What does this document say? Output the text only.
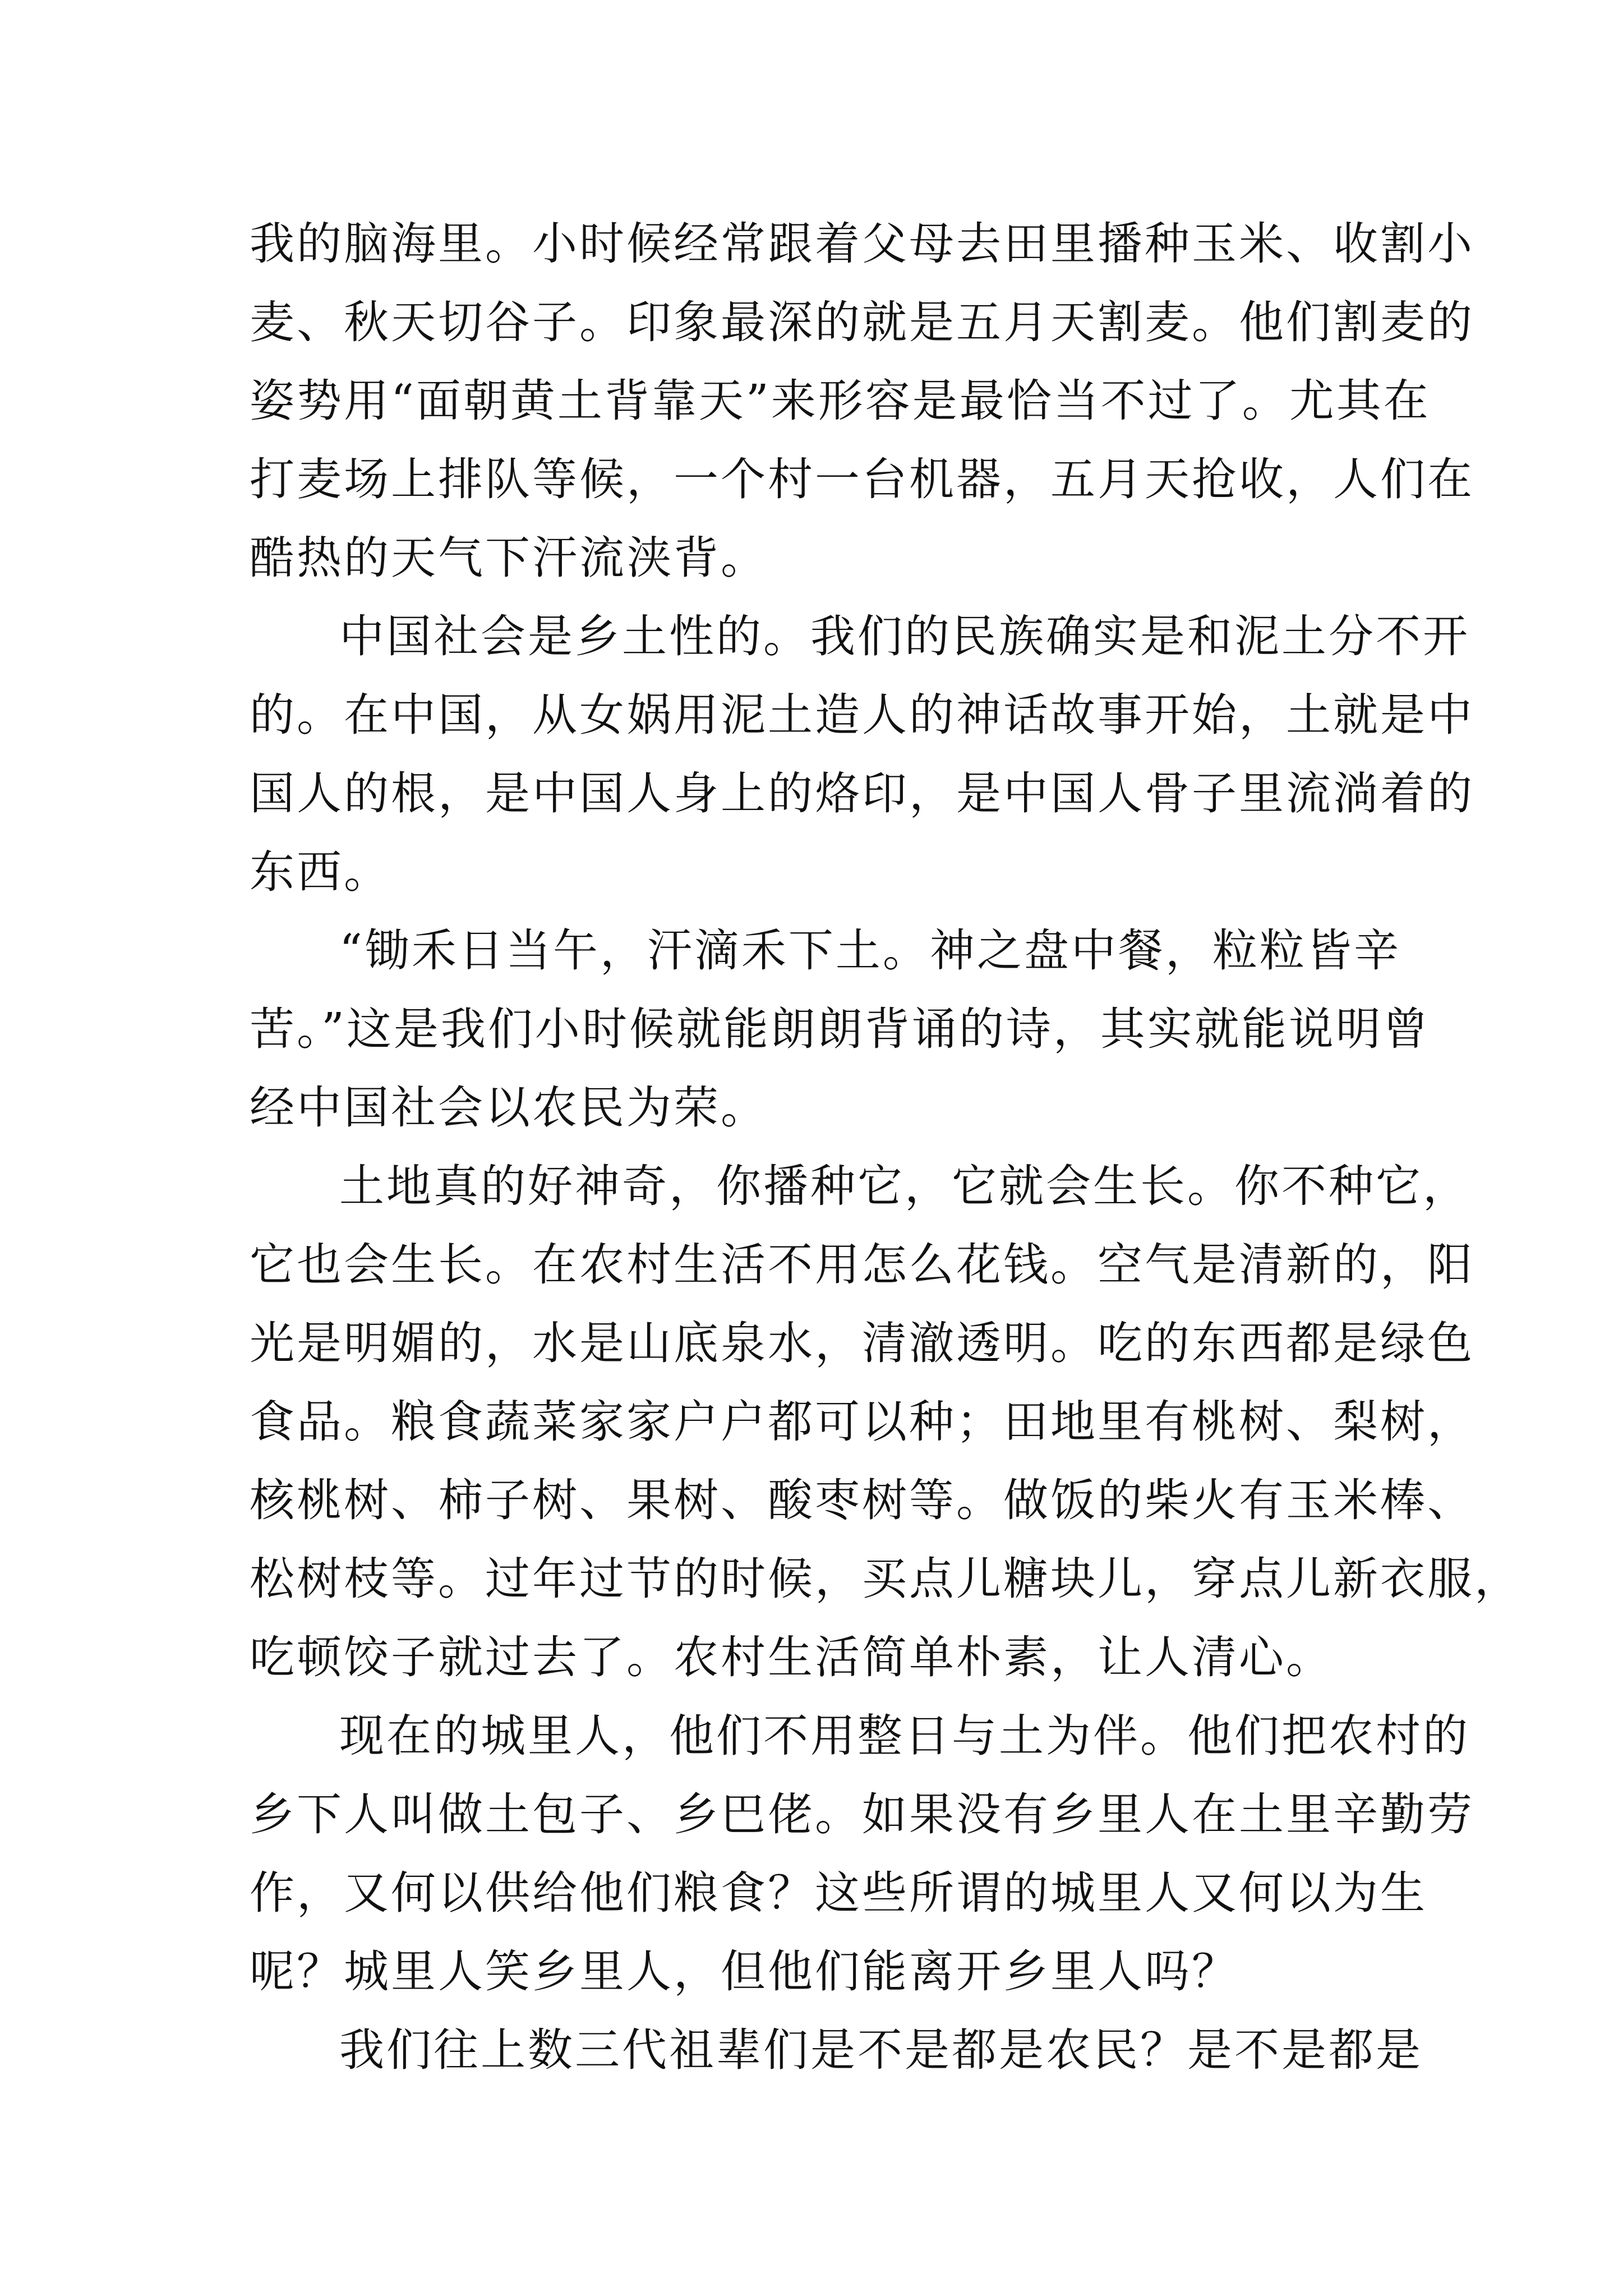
我的脑海里。小时候经常跟着父母去田里播种玉米、收割小
麦、秋天切谷子。印象最深的就是五月天割麦。他们割麦的
姿势用“面朝黄土背靠天”来形容是最恰当不过了。尤其在
打麦场上排队等候，一个村一台机器，五月天抢收，人们在
酷热的天气下汗流浃背。
中国社会是乡土性的。我们的民族确实是和泥土分不开
的。在中国，从女娲用泥土造人的神话故事开始，土就是中
国人的根，是中国人身上的烙印，是中国人骨子里流淌着的
东西。
“锄禾日当午，汗滴禾下土。神之盘中餐，粒粒皆辛
苦。”这是我们小时候就能朗朗背诵的诗，其实就能说明曾
经中国社会以农民为荣。
土地真的好神奇，你播种它，它就会生长。你不种它，
它也会生长。在农村生活不用怎么花钱。空气是清新的，阳
光是明媚的，水是山底泉水，清澈透明。吃的东西都是绿色
食品。粮食蔬菜家家户户都可以种；田地里有桃树、梨树，
核桃树、柿子树、果树、酸枣树等。做饭的柴火有玉米棒、
松树枝等。过年过节的时候，买点儿糖块儿，穿点儿新衣服，
吃顿饺子就过去了。农村生活简单朴素，让人清心。
现在的城里人，他们不用整日与土为伴。他们把农村的
乡下人叫做土包子、乡巴佬。如果没有乡里人在土里辛勤劳
作，又何以供给他们粮食？这些所谓的城里人又何以为生
呢？城里人笑乡里人，但他们能离开乡里人吗？
我们往上数三代祖辈们是不是都是农民？是不是都是
